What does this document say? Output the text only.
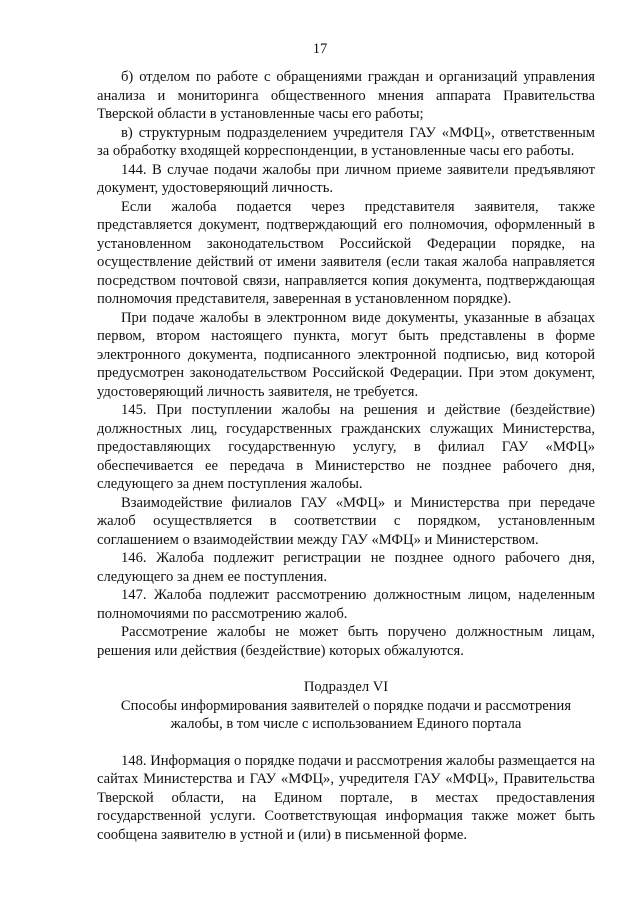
17

б) отделом по работе с обращениями граждан и организаций управления анализа и мониторинга общественного мнения аппарата Правительства Тверской области в установленные часы его работы;

в) структурным подразделением учредителя ГАУ «МФЦ», ответственным за обработку входящей корреспонденции, в установленные часы его работы.

144. В случае подачи жалобы при личном приеме заявители предъявляют документ, удостоверяющий личность.

Если жалоба подается через представителя заявителя, также представляется документ, подтверждающий его полномочия, оформленный в установленном законодательством Российской Федерации порядке, на осуществление действий от имени заявителя (если такая жалоба направляется посредством почтовой связи, направляется копия документа, подтверждающая полномочия представителя, заверенная в установленном порядке).

При подаче жалобы в электронном виде документы, указанные в абзацах первом, втором настоящего пункта, могут быть представлены в форме электронного документа, подписанного электронной подписью, вид которой предусмотрен законодательством Российской Федерации. При этом документ, удостоверяющий личность заявителя, не требуется.

145. При поступлении жалобы на решения и действие (бездействие) должностных лиц, государственных гражданских служащих Министерства, предоставляющих государственную услугу, в филиал ГАУ «МФЦ» обеспечивается ее передача в Министерство не позднее рабочего дня, следующего за днем поступления жалобы.

Взаимодействие филиалов ГАУ «МФЦ» и Министерства при передаче жалоб осуществляется в соответствии с порядком, установленным соглашением о взаимодействии между ГАУ «МФЦ» и Министерством.

146. Жалоба подлежит регистрации не позднее одного рабочего дня, следующего за днем ее поступления.

147. Жалоба подлежит рассмотрению должностным лицом, наделенным полномочиями по рассмотрению жалоб.

Рассмотрение жалобы не может быть поручено должностным лицам, решения или действия (бездействие) которых обжалуются.

Подраздел VI

Способы информирования заявителей о порядке подачи и рассмотрения жалобы, в том числе с использованием Единого портала

148. Информация о порядке подачи и рассмотрения жалобы размещается на сайтах Министерства и ГАУ «МФЦ», учредителя ГАУ «МФЦ», Правительства Тверской области, на Едином портале, в местах предоставления государственной услуги. Соответствующая информация также может быть сообщена заявителю в устной и (или) в письменной форме.
